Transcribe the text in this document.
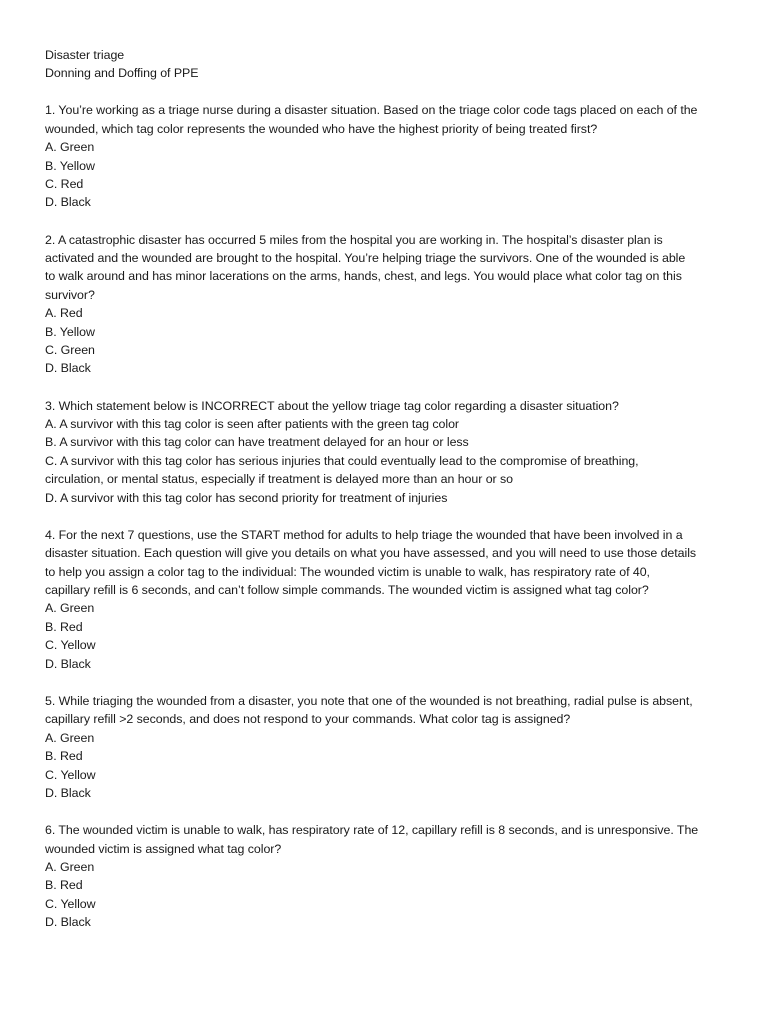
Disaster triage
Donning and Doffing of PPE
1. You’re working as a triage nurse during a disaster situation. Based on the triage color code tags placed on each of the
wounded, which tag color represents the wounded who have the highest priority of being treated first?
A. Green
B. Yellow
C. Red
D. Black
2. A catastrophic disaster has occurred 5 miles from the hospital you are working in. The hospital’s disaster plan is
activated and the wounded are brought to the hospital. You’re helping triage the survivors. One of the wounded is able
to walk around and has minor lacerations on the arms, hands, chest, and legs. You would place what color tag on this
survivor?
A. Red
B. Yellow
C. Green
D. Black
3. Which statement below is INCORRECT about the yellow triage tag color regarding a disaster situation?
A. A survivor with this tag color is seen after patients with the green tag color
B. A survivor with this tag color can have treatment delayed for an hour or less
C. A survivor with this tag color has serious injuries that could eventually lead to the compromise of breathing,
circulation, or mental status, especially if treatment is delayed more than an hour or so
D. A survivor with this tag color has second priority for treatment of injuries
4. For the next 7 questions, use the START method for adults to help triage the wounded that have been involved in a
disaster situation. Each question will give you details on what you have assessed, and you will need to use those details
to help you assign a color tag to the individual: The wounded victim is unable to walk, has respiratory rate of 40,
capillary refill is 6 seconds, and can’t follow simple commands. The wounded victim is assigned what tag color?
A. Green
B. Red
C. Yellow
D. Black
5. While triaging the wounded from a disaster, you note that one of the wounded is not breathing, radial pulse is absent,
capillary refill >2 seconds, and does not respond to your commands. What color tag is assigned?
A. Green
B. Red
C. Yellow
D. Black
6. The wounded victim is unable to walk, has respiratory rate of 12, capillary refill is 8 seconds, and is unresponsive. The
wounded victim is assigned what tag color?
A. Green
B. Red
C. Yellow
D. Black
